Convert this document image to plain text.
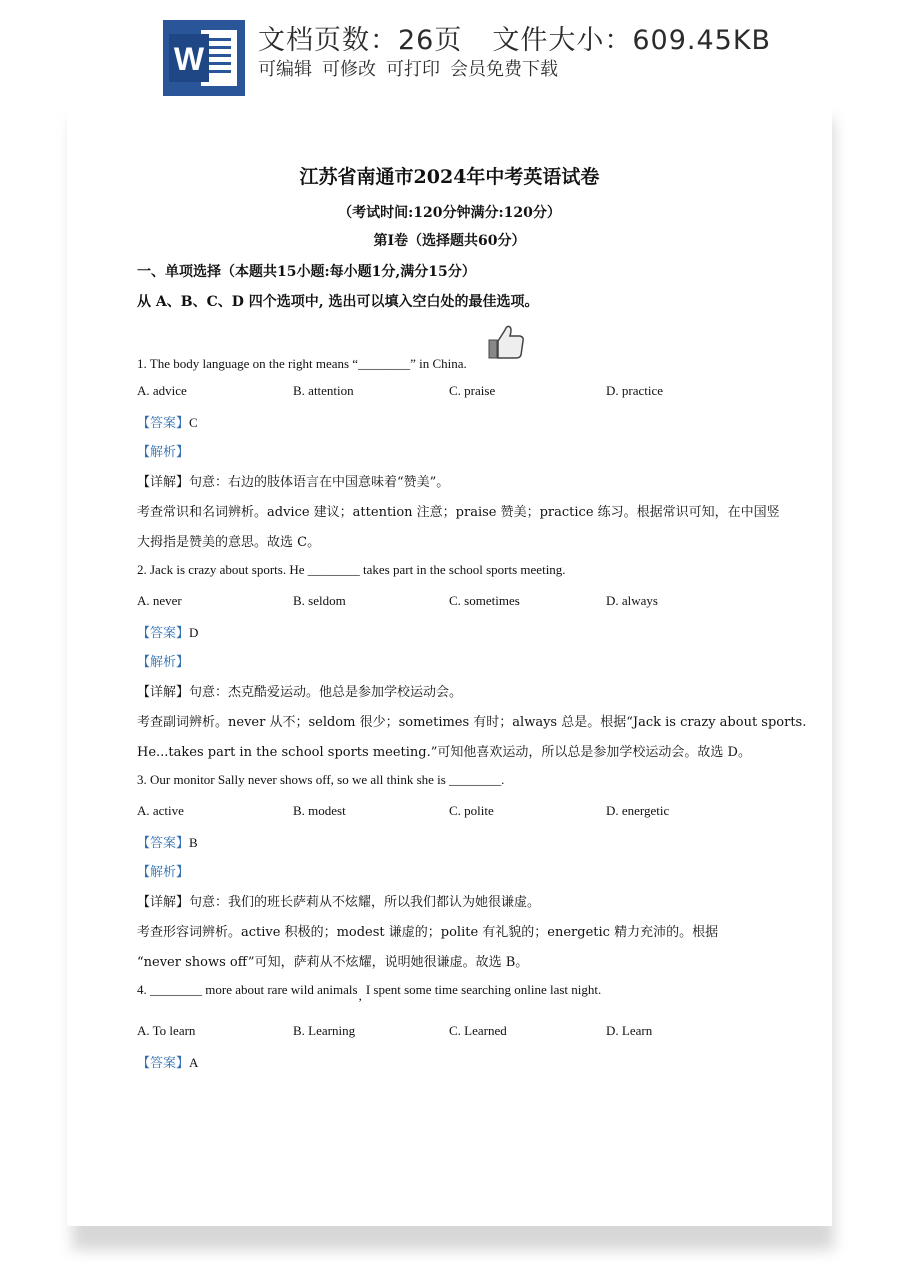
W
文档页数：26页 文件大小：609.45KB
可编辑 可修改 可打印 会员免费下载
江苏省南通市2024年中考英语试卷
（考试时间:120分钟满分:120分）
第Ⅰ卷（选择题共60分）
一、单项选择（本题共15小题:每小题1分,满分15分）
从 A、B、C、D 四个选项中, 选出可以填入空白处的最佳选项。
1. The body language on the right means “________” in China.
A. advice	B. attention	C. praise	D. practice
【答案】C
【解析】
【详解】句意：右边的肢体语言在中国意味着“赞美”。
考查常识和名词辨析。advice 建议；attention 注意；praise 赞美；practice 练习。根据常识可知，在中国竖
大拇指是赞美的意思。故选 C。
2. Jack is crazy about sports. He ________ takes part in the school sports meeting.
A. never	B. seldom	C. sometimes	D. always
【答案】D
【解析】
【详解】句意：杰克酷爱运动。他总是参加学校运动会。
考查副词辨析。never 从不；seldom 很少；sometimes 有时；always 总是。根据“Jack is crazy about sports.
He...takes part in the school sports meeting.”可知他喜欢运动，所以总是参加学校运动会。故选 D。
3. Our monitor Sally never shows off, so we all think she is ________.
A. active	B. modest	C. polite	D. energetic
【答案】B
【解析】
【详解】句意：我们的班长萨莉从不炫耀，所以我们都认为她很谦虚。
考查形容词辨析。active 积极的；modest 谦虚的；polite 有礼貌的；energetic 精力充沛的。根据
“never shows off”可知，萨莉从不炫耀，说明她很谦虚。故选 B。
4. ________ more about rare wild animals, I spent some time searching online last night.
A. To learn	B. Learning	C. Learned	D. Learn
【答案】A
